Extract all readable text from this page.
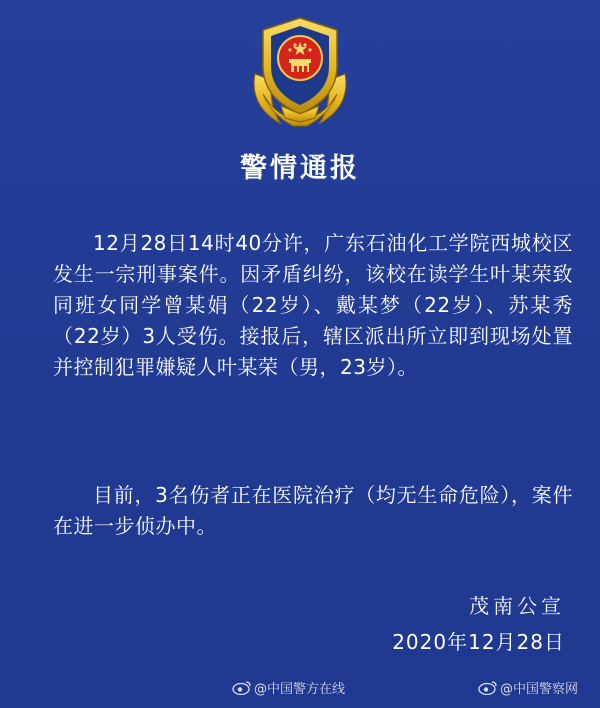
警情通报

12月28日14时40分许，广东石油化工学院西城校区发生一宗刑事案件。因矛盾纠纷，该校在读学生叶某荣致同班女同学曾某娟（22岁）、戴某梦（22岁）、苏某秀（22岁）3人受伤。接报后，辖区派出所立即到现场处置并控制犯罪嫌疑人叶某荣（男，23岁）。

目前，3名伤者正在医院治疗（均无生命危险），案件在进一步侦办中。

茂南公宣
2020年12月28日
@中国警方在线	@中国警察网
